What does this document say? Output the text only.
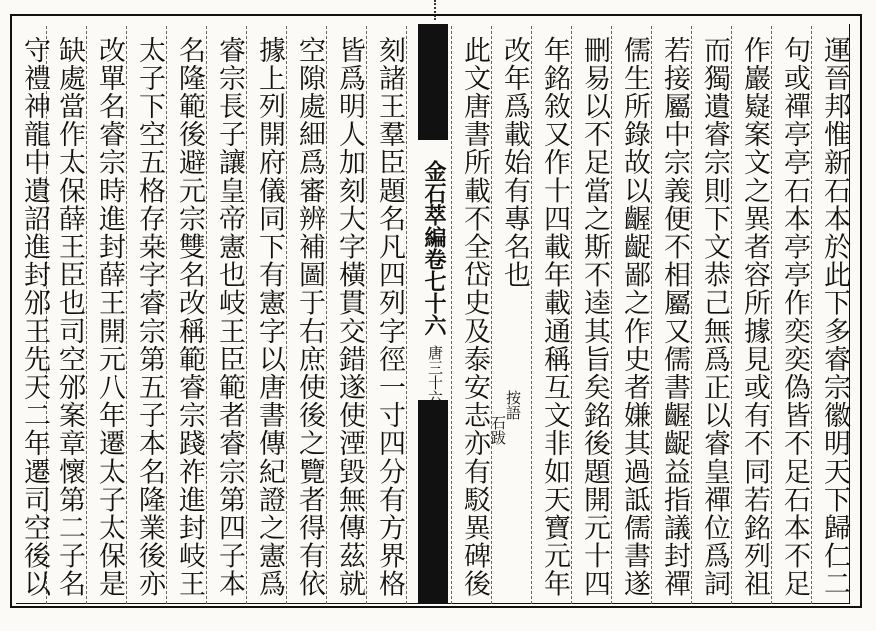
運晉邦惟新石本於此下多睿宗徽明天下歸仁二
句或禪亭亭石本亭亭作奕奕偽皆不足石本不足
作巖嶷案文之異者容所據見或有不同若銘列祖
而獨遺睿宗則下文恭己無爲正以睿皇禪位爲詞
若接屬中宗義便不相屬又儒書齷齪益指議封禪
儒生所錄故以齷齪鄙之作史者嫌其過詆儒書遂
刪易以不足當之斯不逵其旨矣銘後題開元十四
年銘敘又作十四載年載通稱互文非如天寶元年
改年爲載始有專名也
按語
石跋
此文唐書所載不全岱史及泰安志亦有駁異碑後
金石萃編卷七十六
唐三十六
刻諸王羣臣題名凡四列字徑一寸四分有方界格
皆爲明人加刻大字橫貫交錯遂使湮毀無傳茲就
空隙處細爲審辨補圖于右庶使後之覽者得有依
據上列開府儀同下有憲字以唐書傳紀證之憲爲
睿宗長子讓皇帝憲也岐王臣範者睿宗第四子本
名隆範後避元宗雙名改稱範睿宗踐祚進封岐王
太子下空五格存桒字睿宗第五子本名隆業後亦
改單名睿宗時進封薛王開元八年遷太子太保是
缺處當作太保薛王臣也司空邠案章懷第二子名
守禮神龍中遺詔進封邠王先天二年遷司空後以
